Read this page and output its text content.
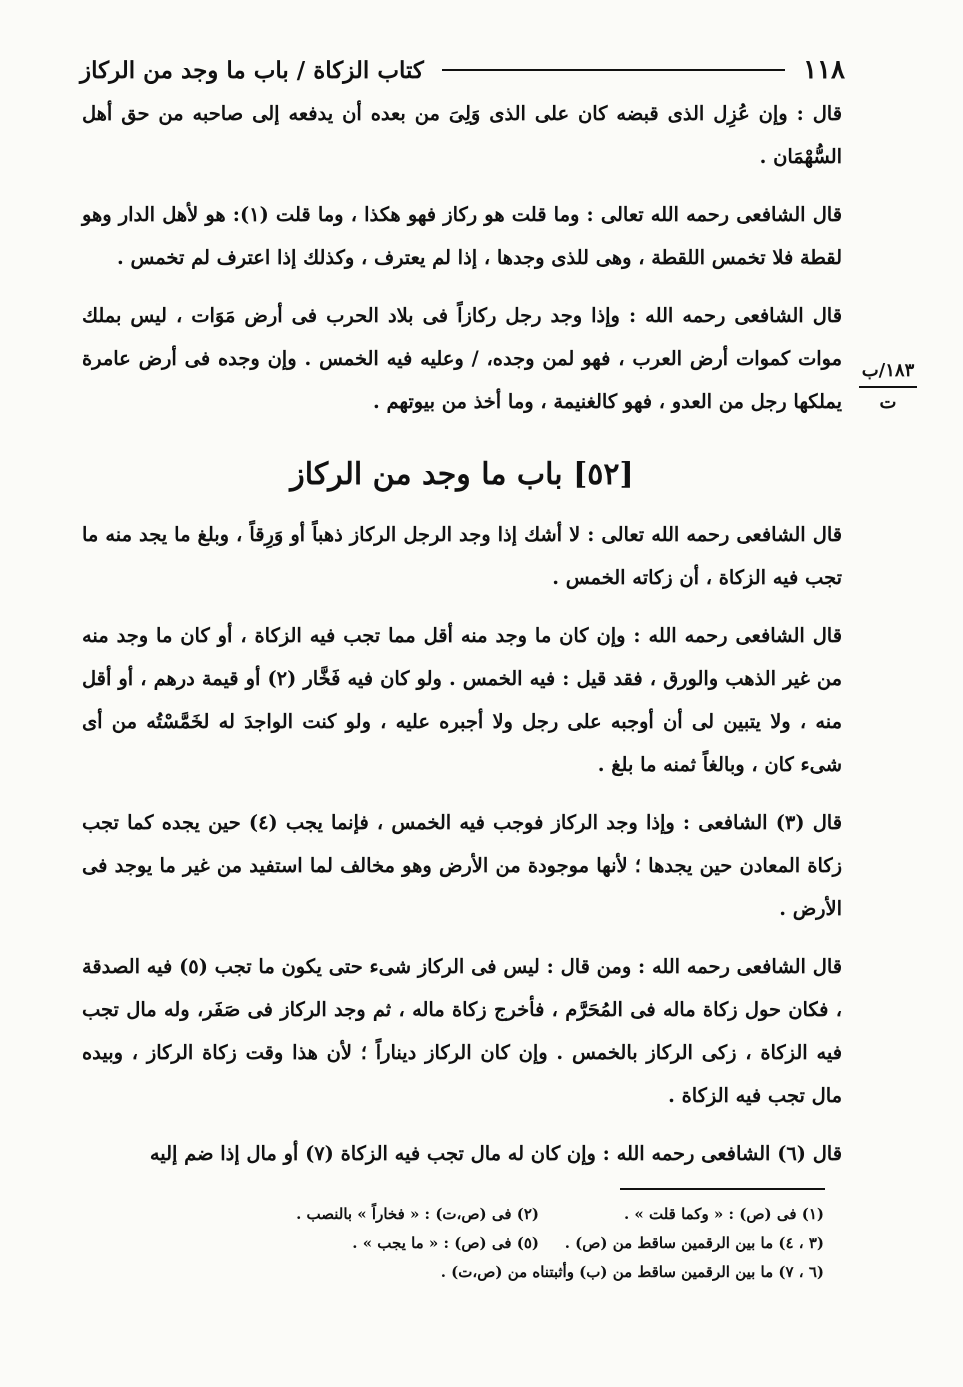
١١٨
كتاب الزكاة / باب ما وجد من الركاز
١٨٣/ب
ت

قال : وإن عُزِل الذى قبضه كان على الذى وَلِىَ من بعده أن يدفعه إلى صاحبه من حق أهل السُّهْمَان .

قال الشافعى رحمه الله تعالى : وما قلت هو ركاز فهو هكذا ، وما قلت (١): هو لأهل الدار وهو لقطة فلا تخمس اللقطة ، وهى للذى وجدها ، إذا لم يعترف ، وكذلك إذا اعترف لم تخمس .

قال الشافعى رحمه الله : وإذا وجد رجل ركازاً فى بلاد الحرب فى أرض مَوَات ، ليس بملك موات كموات أرض العرب ، فهو لمن وجده، / وعليه فيه الخمس . وإن وجده فى أرض عامرة يملكها رجل من العدو ، فهو كالغنيمة ، وما أخذ من بيوتهم .

[٥٢] باب ما وجد من الركاز

قال الشافعى رحمه الله تعالى : لا أشك إذا وجد الرجل الركاز ذهباً أو وَرِقاً ، وبلغ ما يجد منه ما تجب فيه الزكاة ، أن زكاته الخمس .

قال الشافعى رحمه الله : وإن كان ما وجد منه أقل مما تجب فيه الزكاة ، أو كان ما وجد منه من غير الذهب والورق ، فقد قيل : فيه الخمس . ولو كان فيه فَخَّار (٢) أو قيمة درهم ، أو أقل منه ، ولا يتبين لى أن أوجبه على رجل ولا أجبره عليه ، ولو كنت الواجدَ له لخَمَّسْتُه من أى شىء كان ، وبالغاً ثمنه ما بلغ .

قال (٣) الشافعى : وإذا وجد الركاز فوجب فيه الخمس ، فإنما يجب (٤) حين يجده كما تجب زكاة المعادن حين يجدها ؛ لأنها موجودة من الأرض وهو مخالف لما استفيد من غير ما يوجد فى الأرض .

قال الشافعى رحمه الله : ومن قال : ليس فى الركاز شىء حتى يكون ما تجب (٥) فيه الصدقة ، فكان حول زكاة ماله فى المُحَرَّم ، فأخرج زكاة ماله ، ثم وجد الركاز فى صَفَر، وله مال تجب فيه الزكاة ، زكى الركاز بالخمس . وإن كان الركاز ديناراً ؛ لأن هذا وقت زكاة الركاز ، وبيده مال تجب فيه الزكاة .

قال (٦) الشافعى رحمه الله : وإن كان له مال تجب فيه الزكاة (٧) أو مال إذا ضم إليه

(١) فى (ص) : « وكما قلت » .
(٢) فى (ص،ت) : « فخاراً » بالنصب .
(٣ ، ٤) ما بين الرقمين ساقط من (ص) .
(٥) فى (ص) : « ما يجب » .
(٦ ، ٧) ما بين الرقمين ساقط من (ب) وأثبتناه من (ص،ت) .
